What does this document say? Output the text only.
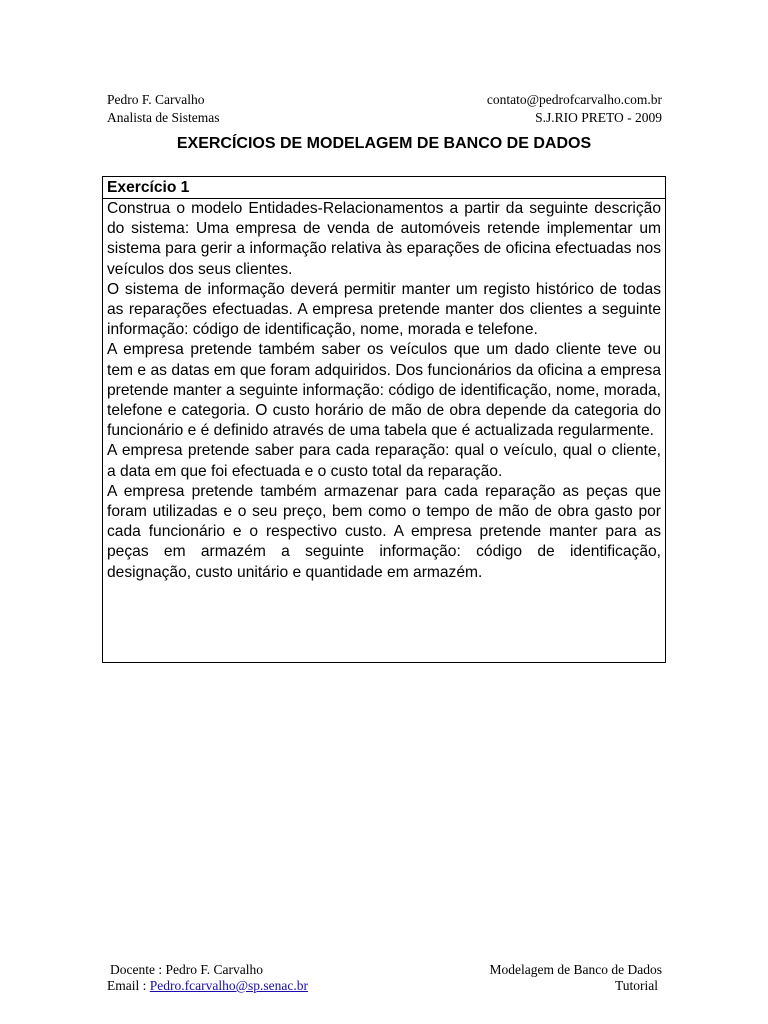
Pedro F. Carvalho	contato@pedrofcarvalho.com.br
Analista de Sistemas	S.J.RIO PRETO - 2009
EXERCÍCIOS DE MODELAGEM DE BANCO DE DADOS
Exercício 1

Construa o modelo Entidades-Relacionamentos a partir da seguinte descrição do sistema: Uma empresa de venda de automóveis retende implementar um sistema para gerir a informação relativa às eparações de oficina efectuadas nos veículos dos seus clientes.

O sistema de informação deverá permitir manter um registo histórico de todas as reparações efectuadas. A empresa pretende manter dos clientes a seguinte informação: código de identificação, nome, morada e telefone.

A empresa pretende também saber os veículos que um dado cliente teve ou tem e as datas em que foram adquiridos. Dos funcionários da oficina a empresa pretende manter a seguinte informação: código de identificação, nome, morada, telefone e categoria. O custo horário de mão de obra depende da categoria do funcionário e é definido através de uma tabela que é actualizada regularmente.

A empresa pretende saber para cada reparação: qual o veículo, qual o cliente, a data em que foi efectuada e o custo total da reparação.

A empresa pretende também armazenar para cada reparação as peças que foram utilizadas e o seu preço, bem como o tempo de mão de obra gasto por cada funcionário e o respectivo custo. A empresa pretende manter para as peças em armazém a seguinte informação: código de identificação, designação, custo unitário e quantidade em armazém.

Docente : Pedro F. Carvalho	Modelagem de Banco de Dados
Email : Pedro.fcarvalho@sp.senac.br	Tutorial
